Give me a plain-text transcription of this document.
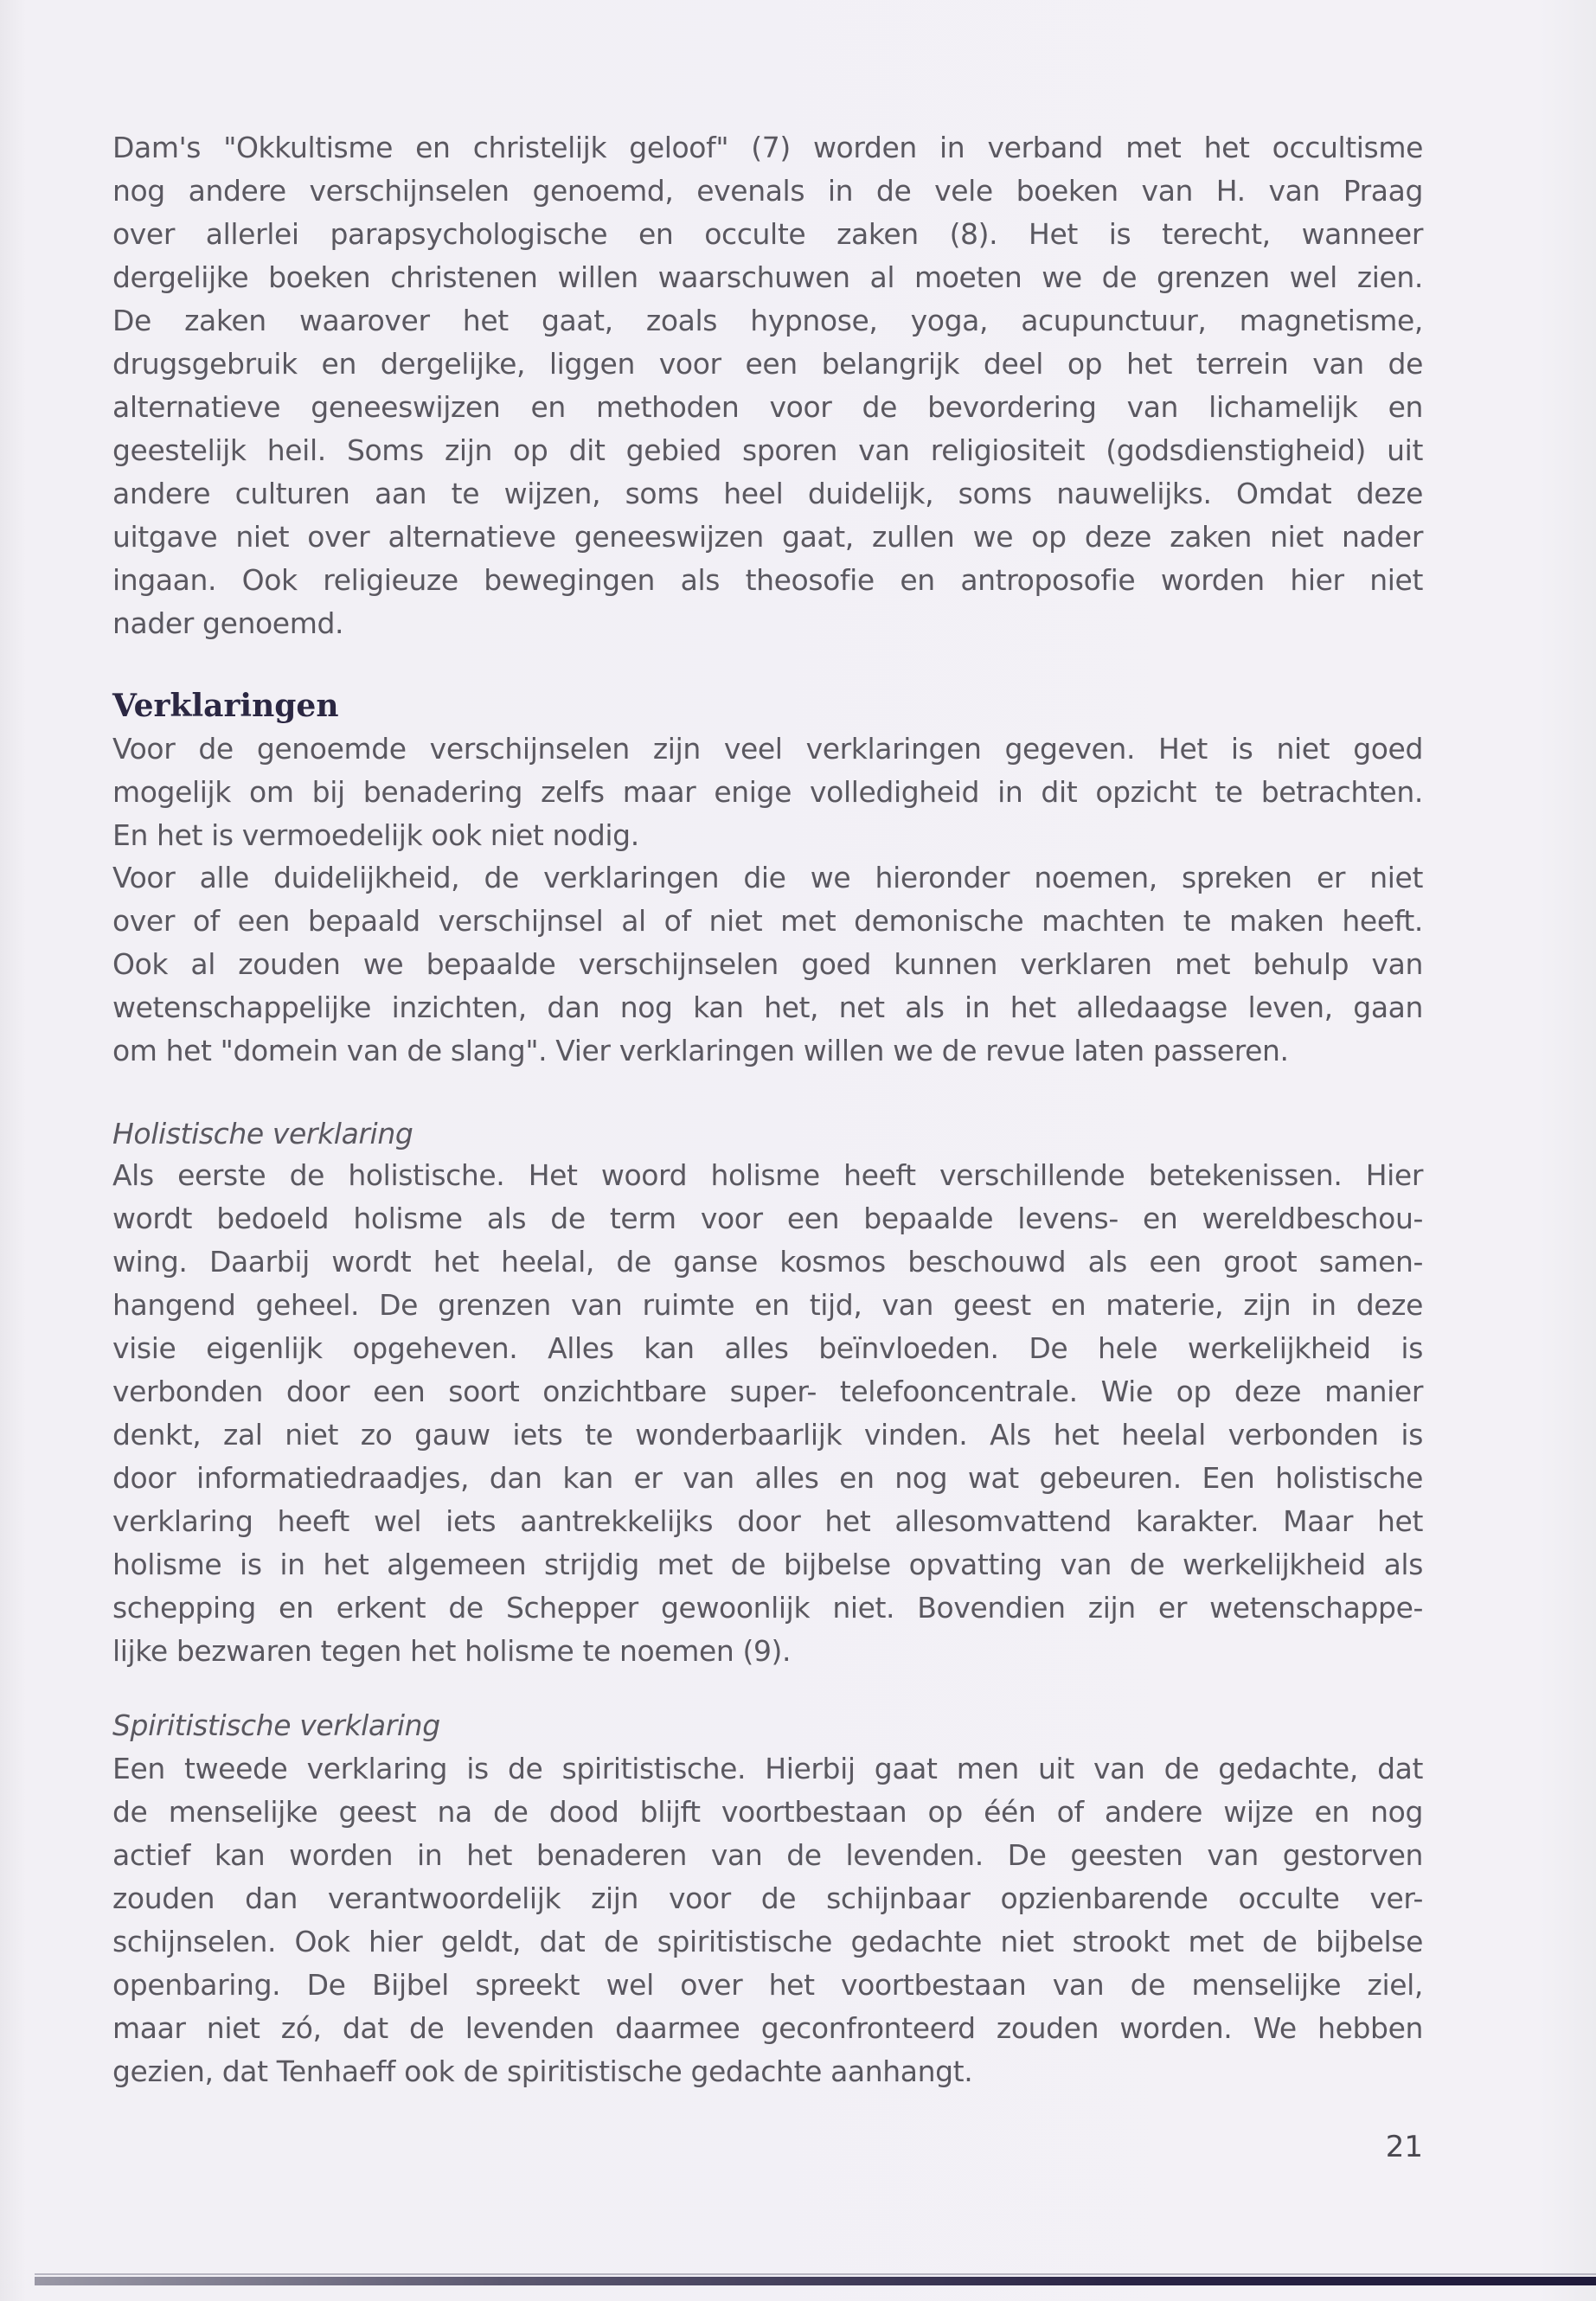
Dam's "Okkultisme en christelijk geloof" (7) worden in verband met het occultisme
nog andere verschijnselen genoemd, evenals in de vele boeken van H. van Praag
over allerlei parapsychologische en occulte zaken (8). Het is terecht, wanneer
dergelijke boeken christenen willen waarschuwen al moeten we de grenzen wel zien.
De zaken waarover het gaat, zoals hypnose, yoga, acupunctuur, magnetisme,
drugsgebruik en dergelijke, liggen voor een belangrijk deel op het terrein van de
alternatieve geneeswijzen en methoden voor de bevordering van lichamelijk en
geestelijk heil. Soms zijn op dit gebied sporen van religiositeit (godsdienstigheid) uit
andere culturen aan te wijzen, soms heel duidelijk, soms nauwelijks. Omdat deze
uitgave niet over alternatieve geneeswijzen gaat, zullen we op deze zaken niet nader
ingaan. Ook religieuze bewegingen als theosofie en antroposofie worden hier niet
nader genoemd.
Verklaringen
Voor de genoemde verschijnselen zijn veel verklaringen gegeven. Het is niet goed
mogelijk om bij benadering zelfs maar enige volledigheid in dit opzicht te betrachten.
En het is vermoedelijk ook niet nodig.
Voor alle duidelijkheid, de verklaringen die we hieronder noemen, spreken er niet
over of een bepaald verschijnsel al of niet met demonische machten te maken heeft.
Ook al zouden we bepaalde verschijnselen goed kunnen verklaren met behulp van
wetenschappelijke inzichten, dan nog kan het, net als in het alledaagse leven, gaan
om het "domein van de slang". Vier verklaringen willen we de revue laten passeren.
Holistische verklaring
Als eerste de holistische. Het woord holisme heeft verschillende betekenissen. Hier
wordt bedoeld holisme als de term voor een bepaalde levens- en wereldbeschou-
wing. Daarbij wordt het heelal, de ganse kosmos beschouwd als een groot samen-
hangend geheel. De grenzen van ruimte en tijd, van geest en materie, zijn in deze
visie eigenlijk opgeheven. Alles kan alles beïnvloeden. De hele werkelijkheid is
verbonden door een soort onzichtbare super- telefooncentrale. Wie op deze manier
denkt, zal niet zo gauw iets te wonderbaarlijk vinden. Als het heelal verbonden is
door informatiedraadjes, dan kan er van alles en nog wat gebeuren. Een holistische
verklaring heeft wel iets aantrekkelijks door het allesomvattend karakter. Maar het
holisme is in het algemeen strijdig met de bijbelse opvatting van de werkelijkheid als
schepping en erkent de Schepper gewoonlijk niet. Bovendien zijn er wetenschappe-
lijke bezwaren tegen het holisme te noemen (9).
Spiritistische verklaring
Een tweede verklaring is de spiritistische. Hierbij gaat men uit van de gedachte, dat
de menselijke geest na de dood blijft voortbestaan op één of andere wijze en nog
actief kan worden in het benaderen van de levenden. De geesten van gestorven
zouden dan verantwoordelijk zijn voor de schijnbaar opzienbarende occulte ver-
schijnselen. Ook hier geldt, dat de spiritistische gedachte niet strookt met de bijbelse
openbaring. De Bijbel spreekt wel over het voortbestaan van de menselijke ziel,
maar niet zó, dat de levenden daarmee geconfronteerd zouden worden. We hebben
gezien, dat Tenhaeff ook de spiritistische gedachte aanhangt.
21
